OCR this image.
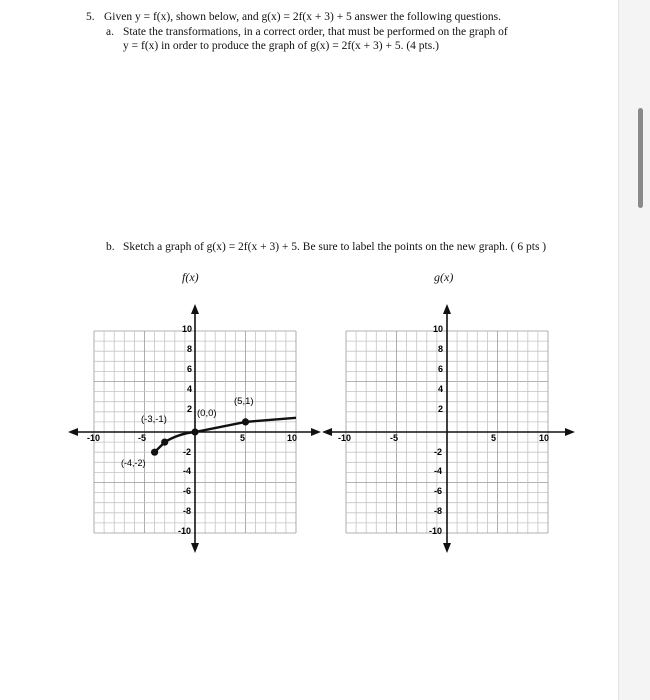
5. Given y = f(x), shown below, and g(x) = 2f(x + 3) + 5 answer the following questions.
a. State the transformations, in a correct order, that must be performed on the graph of
y = f(x) in order to produce the graph of g(x) = 2f(x + 3) + 5. (4 pts.)
b. Sketch a graph of g(x) = 2f(x + 3) + 5. Be sure to label the points on the new graph. ( 6 pts )
f(x)	g(x)
-10	-5	5	10
10
8
6
4
2
-2
-4
-6
-8
-10
(-4,-2)
(-3,-1)
(0,0)
(5,1)
-10	-5	5	10
10
8
6
4
2
-2
-4
-6
-8
-10
